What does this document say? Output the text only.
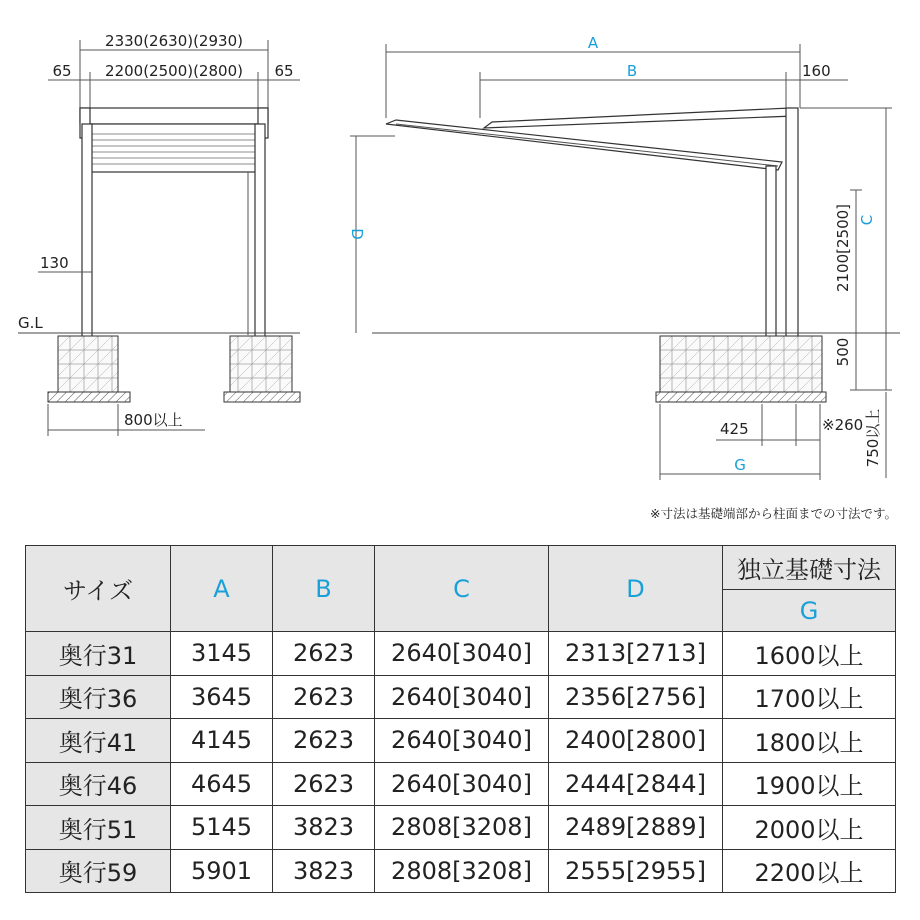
2330(2630)(2930)
2200(2500)(2800)
65	65
130
G.L
800以上
A
B	160
D
C
2100[2500]
500
425	※260 750以上
G
※寸法は基礎端部から柱面までの寸法です。
サイズ	A	B	C	D	独立基礎寸法
					G
奥行31	3145	2623	2640[3040]	2313[2713]	1600以上
奥行36	3645	2623	2640[3040]	2356[2756]	1700以上
奥行41	4145	2623	2640[3040]	2400[2800]	1800以上
奥行46	4645	2623	2640[3040]	2444[2844]	1900以上
奥行51	5145	3823	2808[3208]	2489[2889]	2000以上
奥行59	5901	3823	2808[3208]	2555[2955]	2200以上
